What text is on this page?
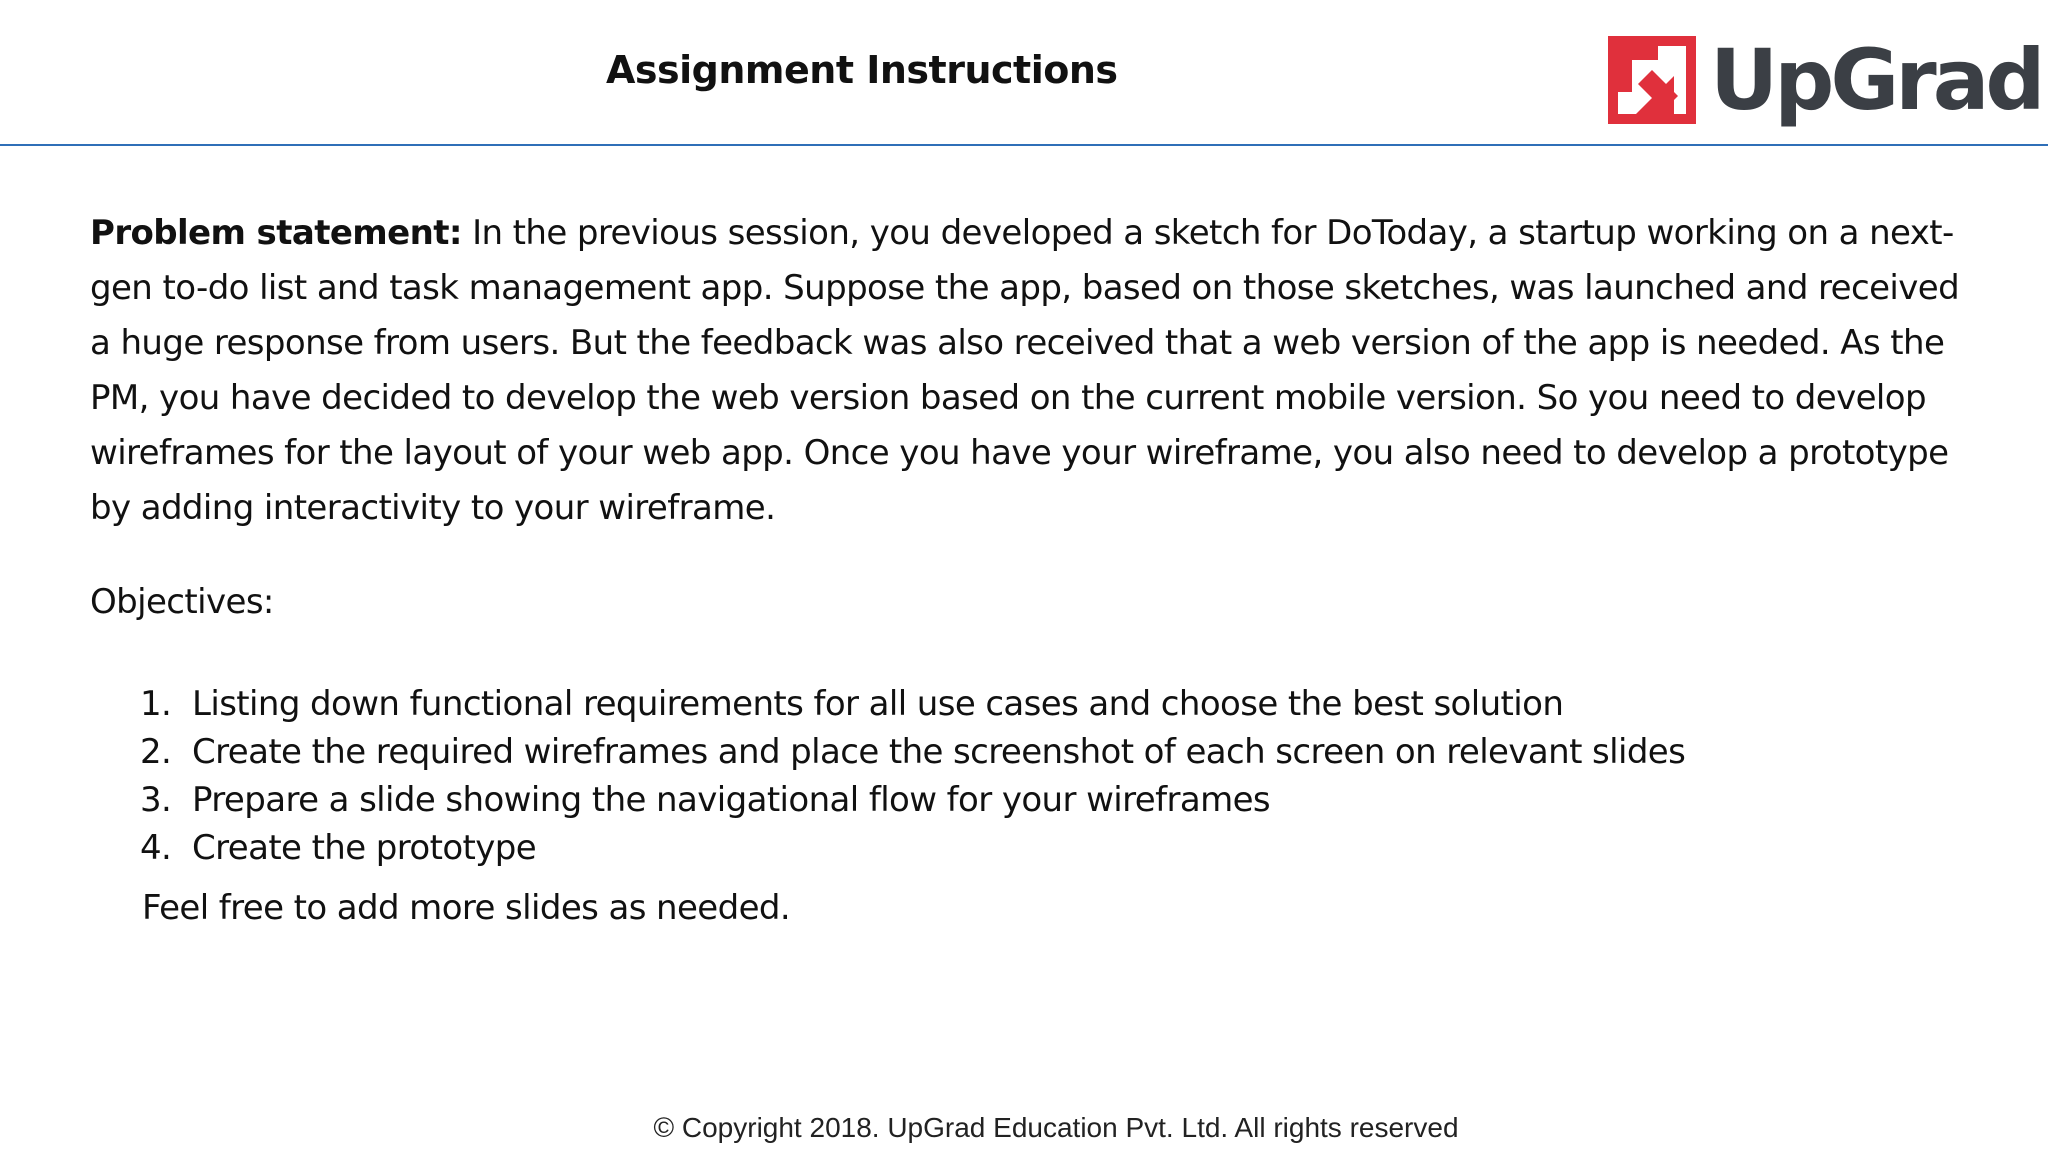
Assignment Instructions	UpGrad
Problem statement: In the previous session, you developed a sketch for DoToday, a startup working on a next-gen to-do list and task management app. Suppose the app, based on those sketches, was launched and received a huge response from users. But the feedback was also received that a web version of the app is needed. As the PM, you have decided to develop the web version based on the current mobile version. So you need to develop wireframes for the layout of your web app. Once you have your wireframe, you also need to develop a prototype by adding interactivity to your wireframe.
Objectives:
1. Listing down functional requirements for all use cases and choose the best solution
2. Create the required wireframes and place the screenshot of each screen on relevant slides
3. Prepare a slide showing the navigational flow for your wireframes
4. Create the prototype
Feel free to add more slides as needed.
© Copyright 2018. UpGrad Education Pvt. Ltd. All rights reserved
